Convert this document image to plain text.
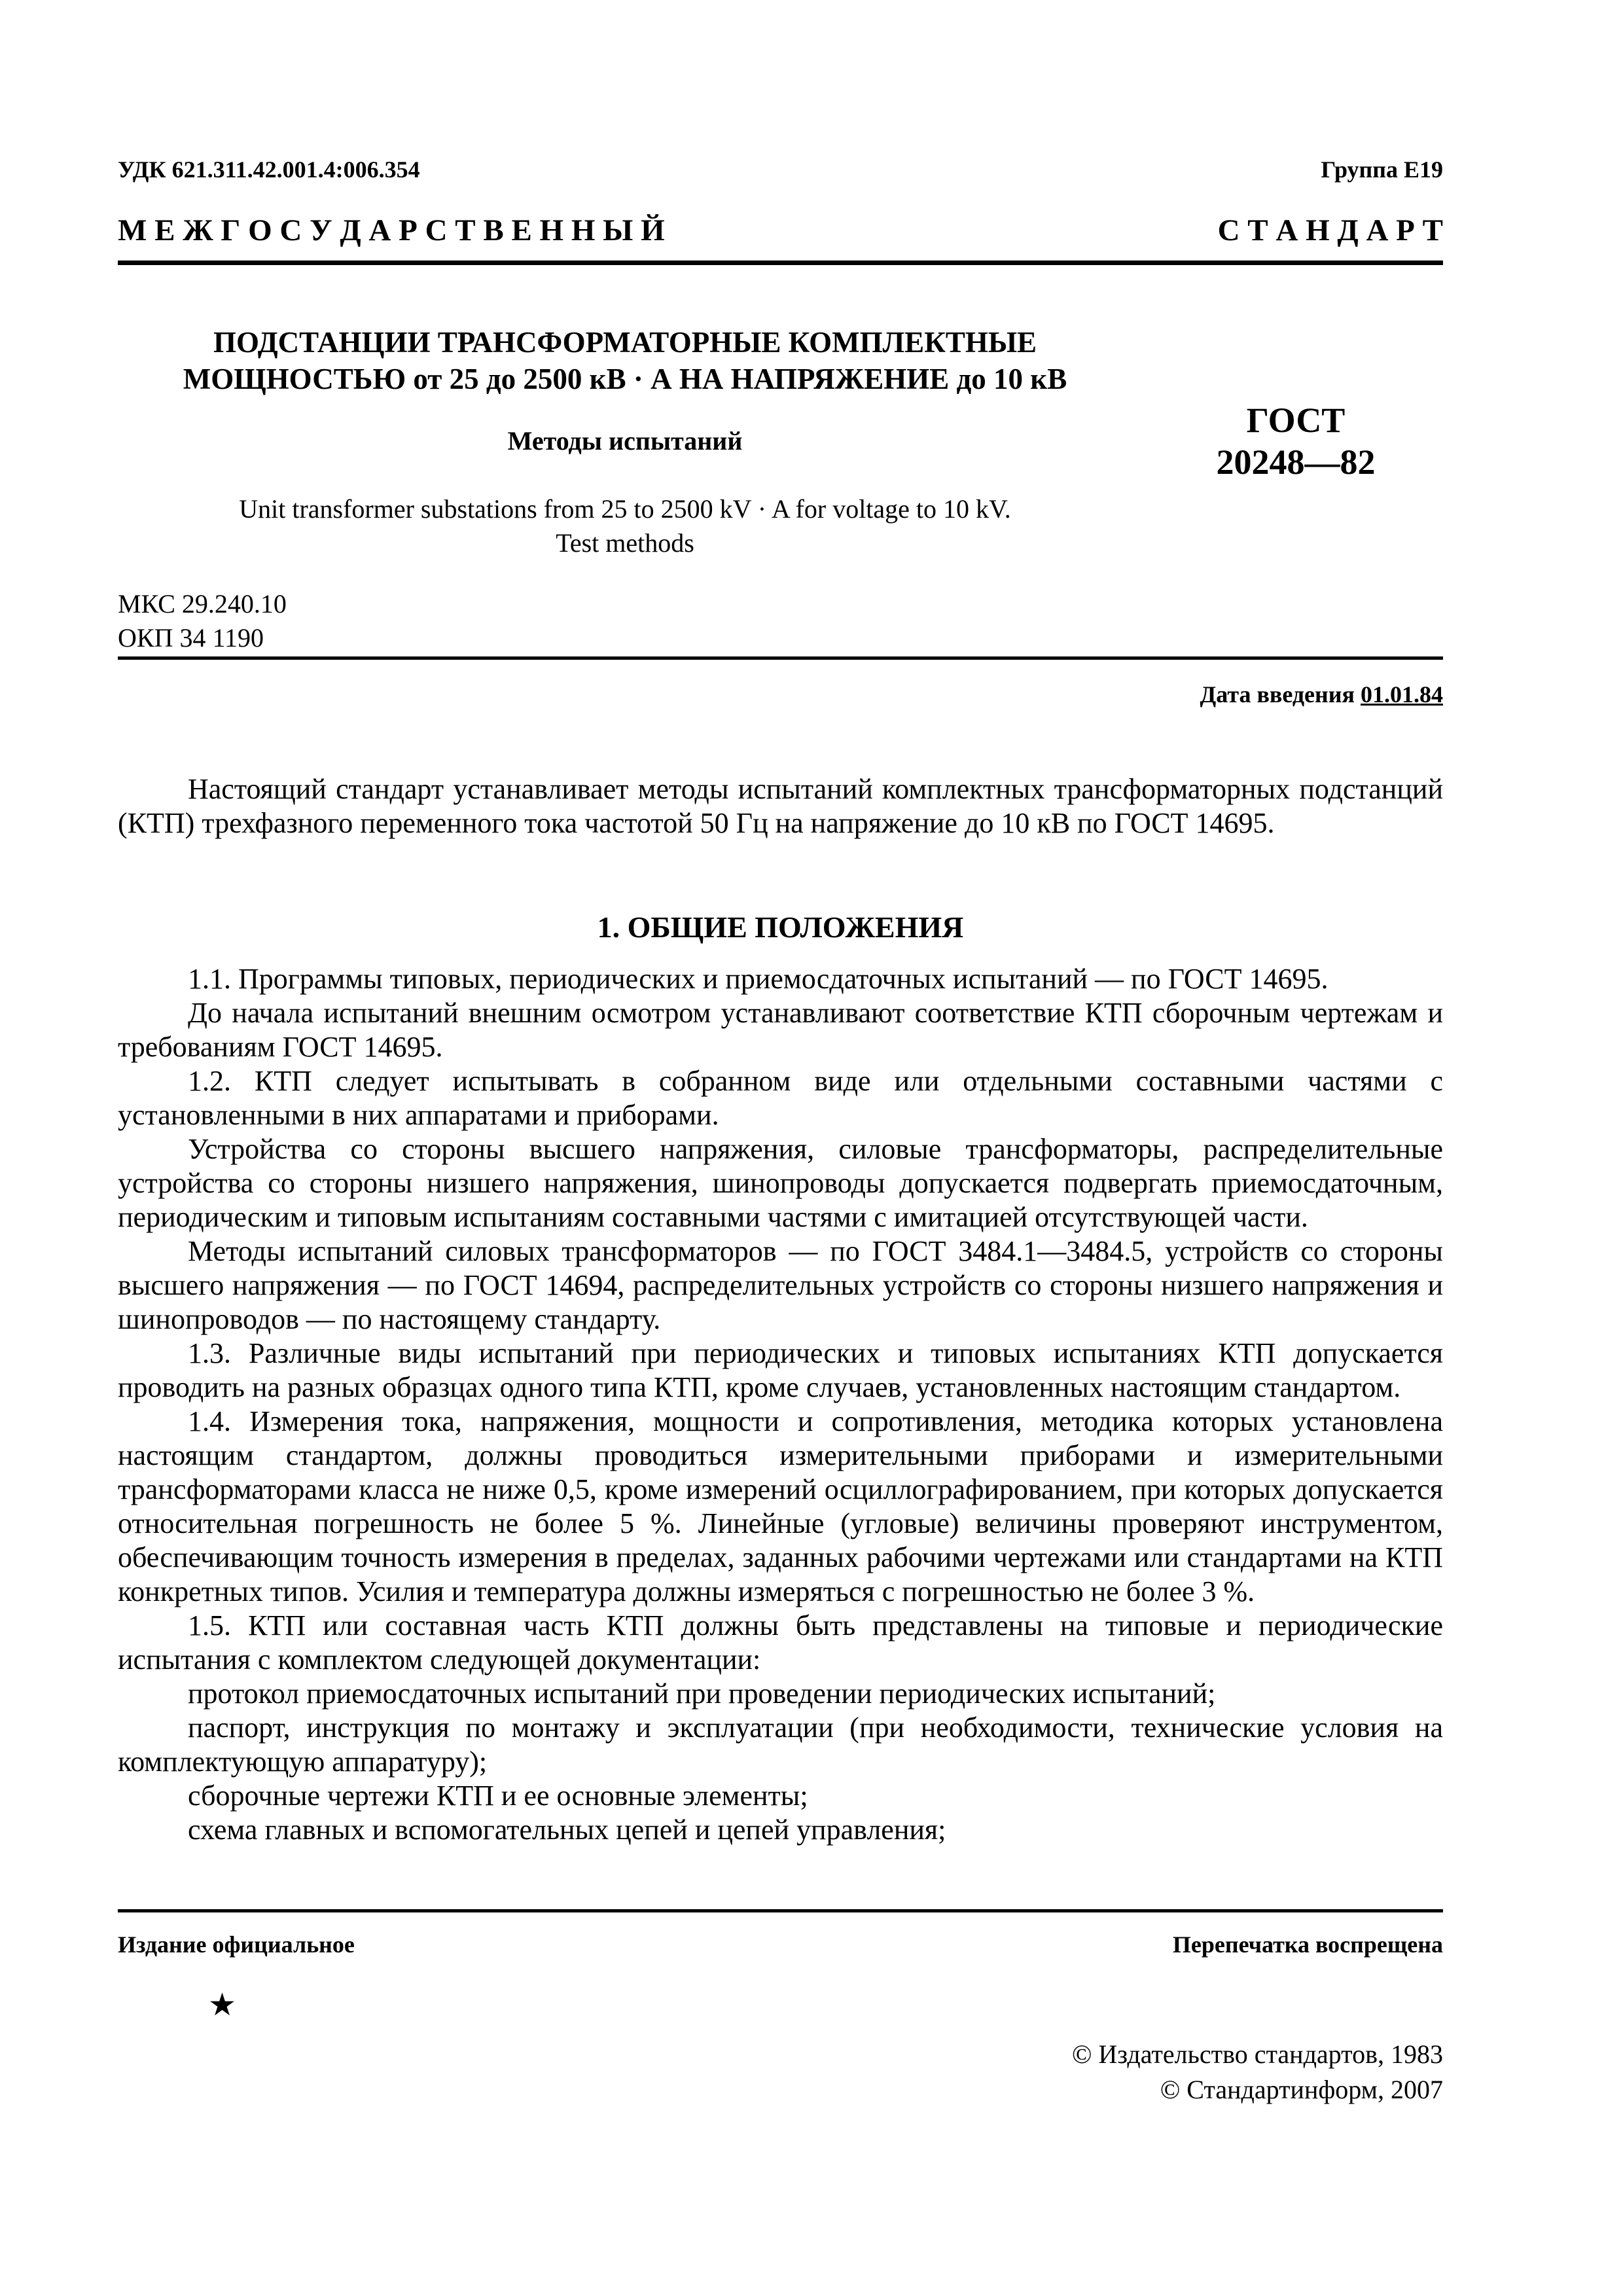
УДК 621.311.42.001.4:006.354	Группа Е19
М Е Ж Г О С У Д А Р С Т В Е Н Н Ы Й	С Т А Н Д А Р Т
ПОДСТАНЦИИ ТРАНСФОРМАТОРНЫЕ КОМПЛЕКТНЫЕ
МОЩНОСТЬЮ от 25 до 2500 кВ · А НА НАПРЯЖЕНИЕ до 10 кВ
ГОСТ
20248—82
Методы испытаний
Unit transformer substations from 25 to 2500 kV · A for voltage to 10 kV.
Test methods
МКС 29.240.10
ОКП 34 1190
Дата введения 01.01.84

Настоящий стандарт устанавливает методы испытаний комплектных трансформаторных подстанций (КТП) трехфазного переменного тока частотой 50 Гц на напряжение до 10 кВ по ГОСТ 14695.

1. ОБЩИЕ ПОЛОЖЕНИЯ

1.1. Программы типовых, периодических и приемосдаточных испытаний — по ГОСТ 14695.

До начала испытаний внешним осмотром устанавливают соответствие КТП сборочным чертежам и требованиям ГОСТ 14695.

1.2. КТП следует испытывать в собранном виде или отдельными составными частями с установленными в них аппаратами и приборами.

Устройства со стороны высшего напряжения, силовые трансформаторы, распределительные устройства со стороны низшего напряжения, шинопроводы допускается подвергать приемосдаточным, периодическим и типовым испытаниям составными частями с имитацией отсутствующей части.

Методы испытаний силовых трансформаторов — по ГОСТ 3484.1—3484.5, устройств со стороны высшего напряжения — по ГОСТ 14694, распределительных устройств со стороны низшего напряжения и шинопроводов — по настоящему стандарту.

1.3. Различные виды испытаний при периодических и типовых испытаниях КТП допускается проводить на разных образцах одного типа КТП, кроме случаев, установленных настоящим стандартом.

1.4. Измерения тока, напряжения, мощности и сопротивления, методика которых установлена настоящим стандартом, должны проводиться измерительными приборами и измерительными трансформаторами класса не ниже 0,5, кроме измерений осциллографированием, при которых допускается относительная погрешность не более 5 %. Линейные (угловые) величины проверяют инструментом, обеспечивающим точность измерения в пределах, заданных рабочими чертежами или стандартами на КТП конкретных типов. Усилия и температура должны измеряться с погрешностью не более 3 %.

1.5. КТП или составная часть КТП должны быть представлены на типовые и периодические испытания с комплектом следующей документации:

протокол приемосдаточных испытаний при проведении периодических испытаний;

паспорт, инструкция по монтажу и эксплуатации (при необходимости, технические условия на комплектующую аппаратуру);

сборочные чертежи КТП и ее основные элементы;

схема главных и вспомогательных цепей и цепей управления;

Издание официальное	Перепечатка воспрещена
★
© Издательство стандартов, 1983
© Стандартинформ, 2007
